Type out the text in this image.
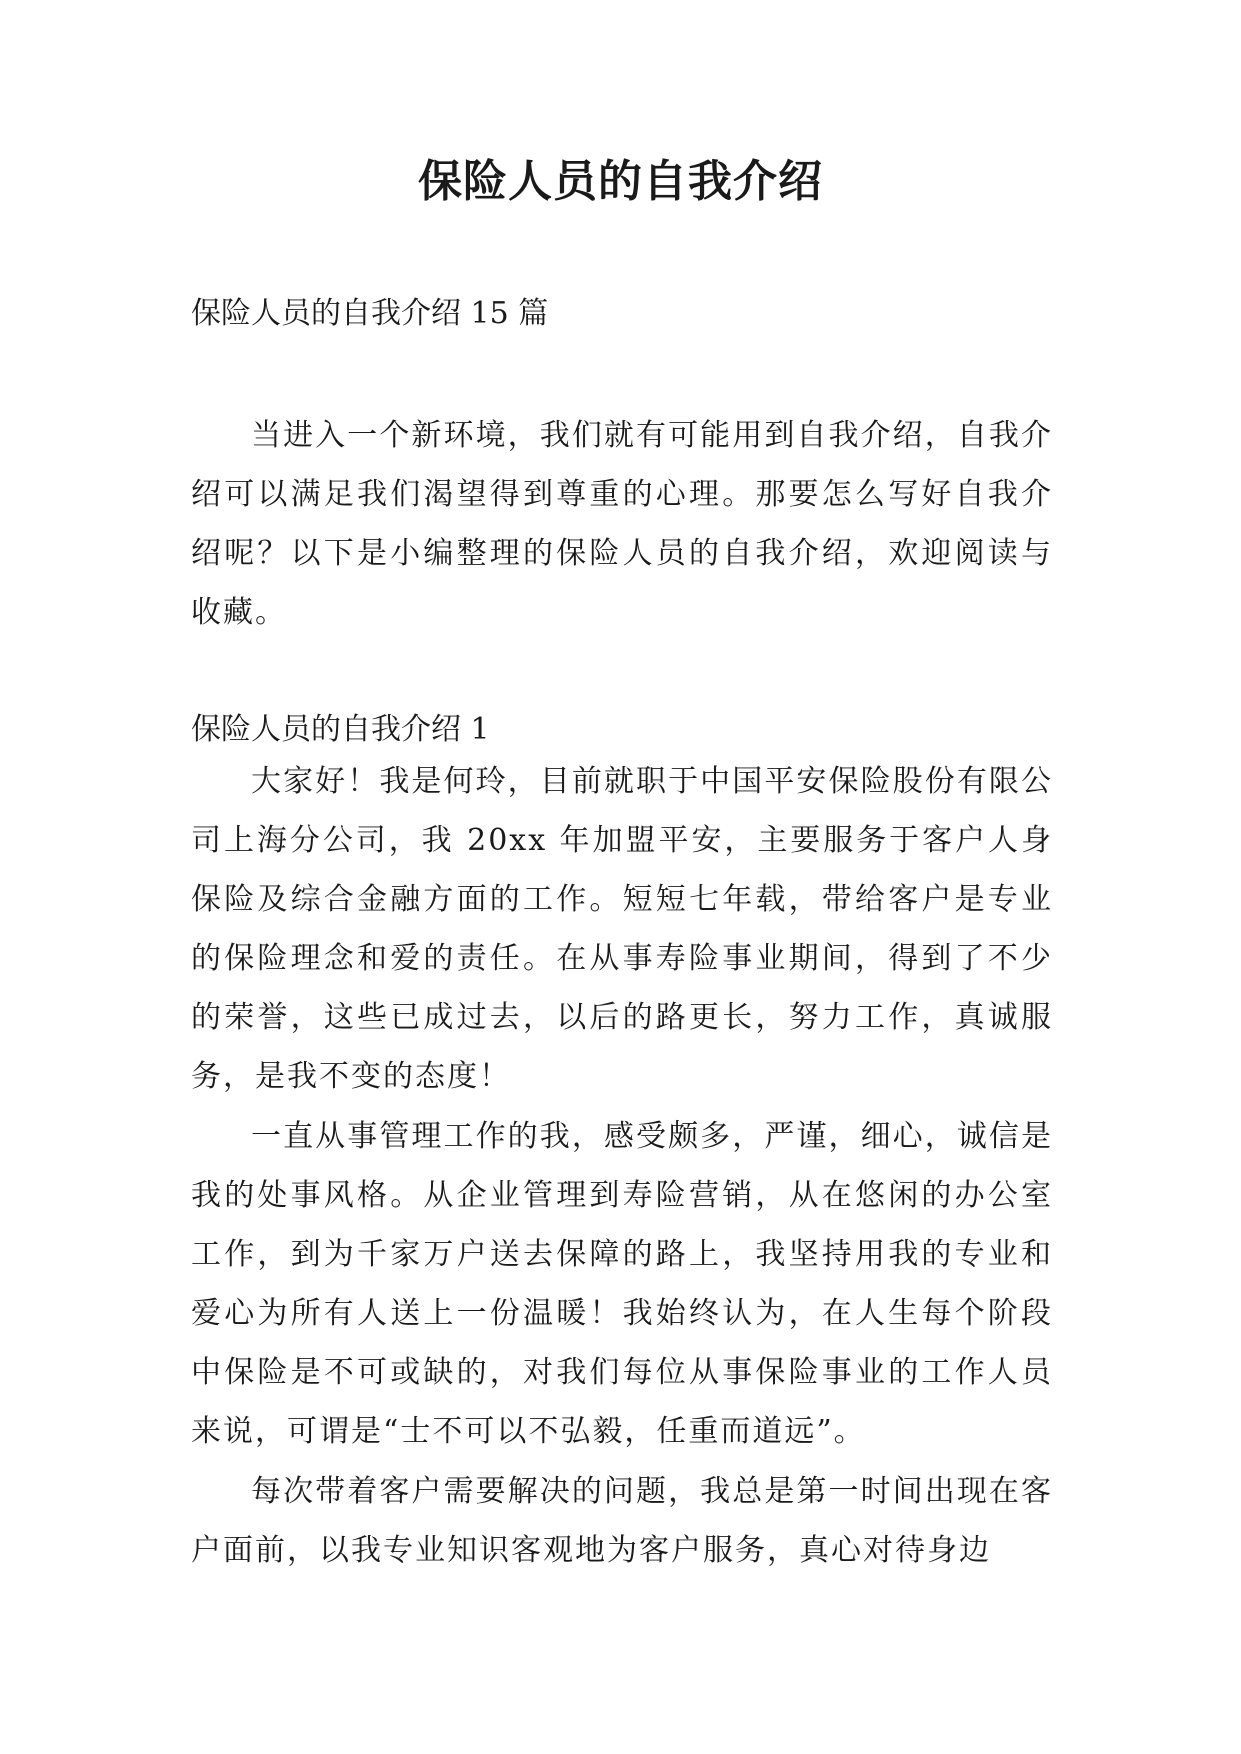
保险人员的自我介绍

保险人员的自我介绍 15 篇

当进入一个新环境，我们就有可能用到自我介绍，自我介绍可以满足我们渴望得到尊重的心理。那要怎么写好自我介绍呢？以下是小编整理的保险人员的自我介绍，欢迎阅读与收藏。

保险人员的自我介绍 1

大家好！我是何玲，目前就职于中国平安保险股份有限公司上海分公司，我 20xx 年加盟平安，主要服务于客户人身保险及综合金融方面的工作。短短七年载，带给客户是专业的保险理念和爱的责任。在从事寿险事业期间，得到了不少的荣誉，这些已成过去，以后的路更长，努力工作，真诚服务，是我不变的态度！

一直从事管理工作的我，感受颇多，严谨，细心，诚信是我的处事风格。从企业管理到寿险营销，从在悠闲的办公室工作，到为千家万户送去保障的路上，我坚持用我的专业和爱心为所有人送上一份温暖！我始终认为，在人生每个阶段中保险是不可或缺的，对我们每位从事保险事业的工作人员来说，可谓是“士不可以不弘毅，任重而道远”。

每次带着客户需要解决的问题，我总是第一时间出现在客户面前，以我专业知识客观地为客户服务，真心对待身边
